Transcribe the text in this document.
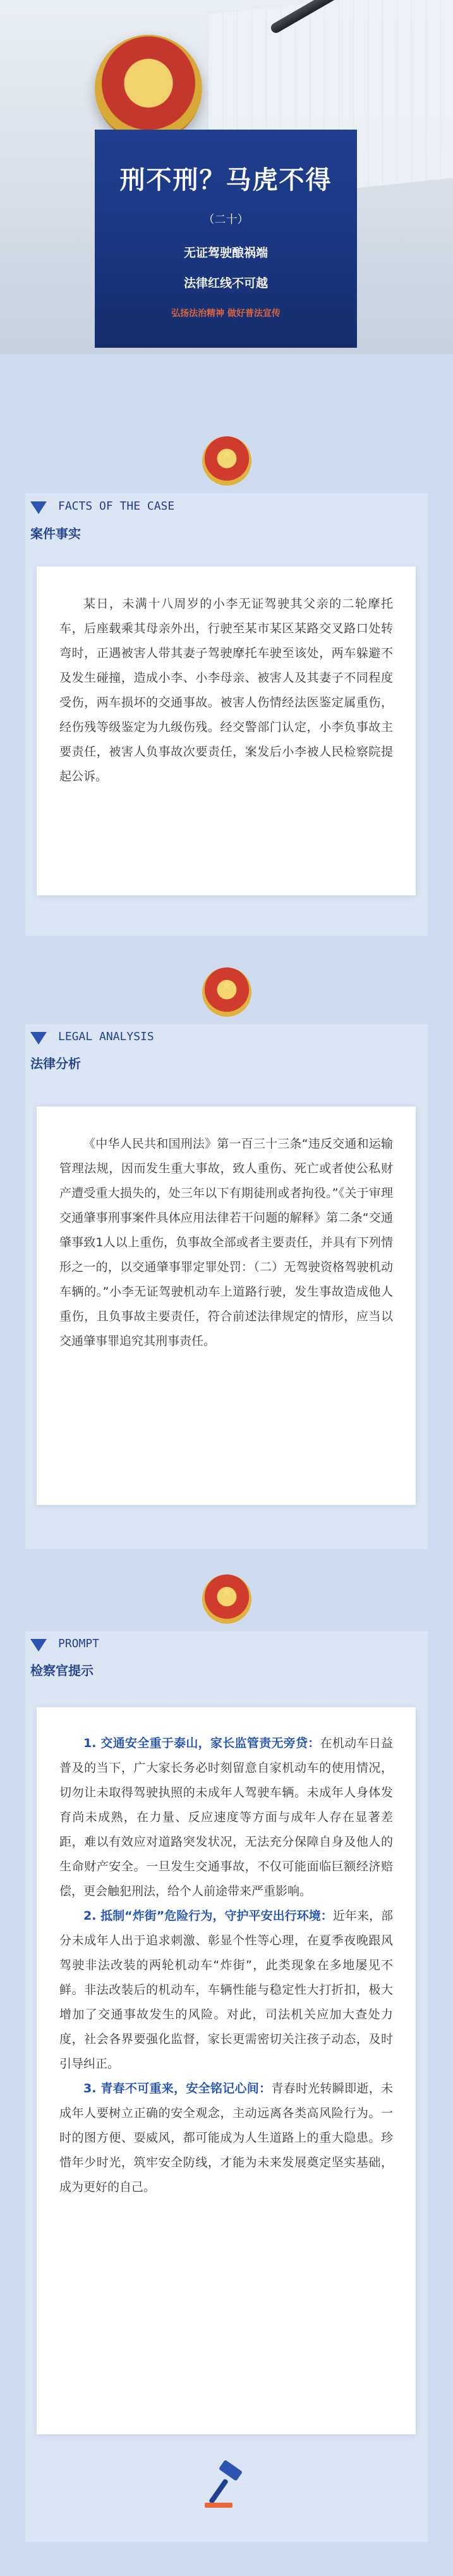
刑不刑？马虎不得
（二十）
无证驾驶酿祸端
法律红线不可越
弘扬法治精神 做好普法宣传
★
FACTS OF THE CASE
案件事实

某日，未满十八周岁的小李无证驾驶其父亲的二轮摩托车，后座载乘其母亲外出，行驶至某市某区某路交叉路口处转弯时，正遇被害人带其妻子驾驶摩托车驶至该处，两车躲避不及发生碰撞，造成小李、小李母亲、被害人及其妻子不同程度受伤，两车损坏的交通事故。被害人伤情经法医鉴定属重伤，经伤残等级鉴定为九级伤残。经交警部门认定，小李负事故主要责任，被害人负事故次要责任，案发后小李被人民检察院提起公诉。

★
LEGAL ANALYSIS
法律分析

《中华人民共和国刑法》第一百三十三条“违反交通和运输管理法规，因而发生重大事故，致人重伤、死亡或者使公私财产遭受重大损失的，处三年以下有期徒刑或者拘役。”《关于审理交通肇事刑事案件具体应用法律若干问题的解释》第二条“交通肇事致1人以上重伤，负事故全部或者主要责任，并具有下列情形之一的，以交通肇事罪定罪处罚：（二）无驾驶资格驾驶机动车辆的。”小李无证驾驶机动车上道路行驶，发生事故造成他人重伤，且负事故主要责任，符合前述法律规定的情形，应当以交通肇事罪追究其刑事责任。

★
PROMPT
检察官提示

1. 交通安全重于泰山，家长监管责无旁贷：在机动车日益普及的当下，广大家长务必时刻留意自家机动车的使用情况，切勿让未取得驾驶执照的未成年人驾驶车辆。未成年人身体发育尚未成熟，在力量、反应速度等方面与成年人存在显著差距，难以有效应对道路突发状况，无法充分保障自身及他人的生命财产安全。一旦发生交通事故，不仅可能面临巨额经济赔偿，更会触犯刑法，给个人前途带来严重影响。

2. 抵制“炸街”危险行为，守护平安出行环境：近年来，部分未成年人出于追求刺激、彰显个性等心理，在夏季夜晚跟风驾驶非法改装的两轮机动车“炸街”，此类现象在多地屡见不鲜。非法改装后的机动车，车辆性能与稳定性大打折扣，极大增加了交通事故发生的风险。对此，司法机关应加大查处力度，社会各界要强化监督，家长更需密切关注孩子动态，及时引导纠正。

3. 青春不可重来，安全铭记心间：青春时光转瞬即逝，未成年人要树立正确的安全观念，主动远离各类高风险行为。一时的图方便、耍威风，都可能成为人生道路上的重大隐患。珍惜年少时光，筑牢安全防线，才能为未来发展奠定坚实基础，成为更好的自己。
